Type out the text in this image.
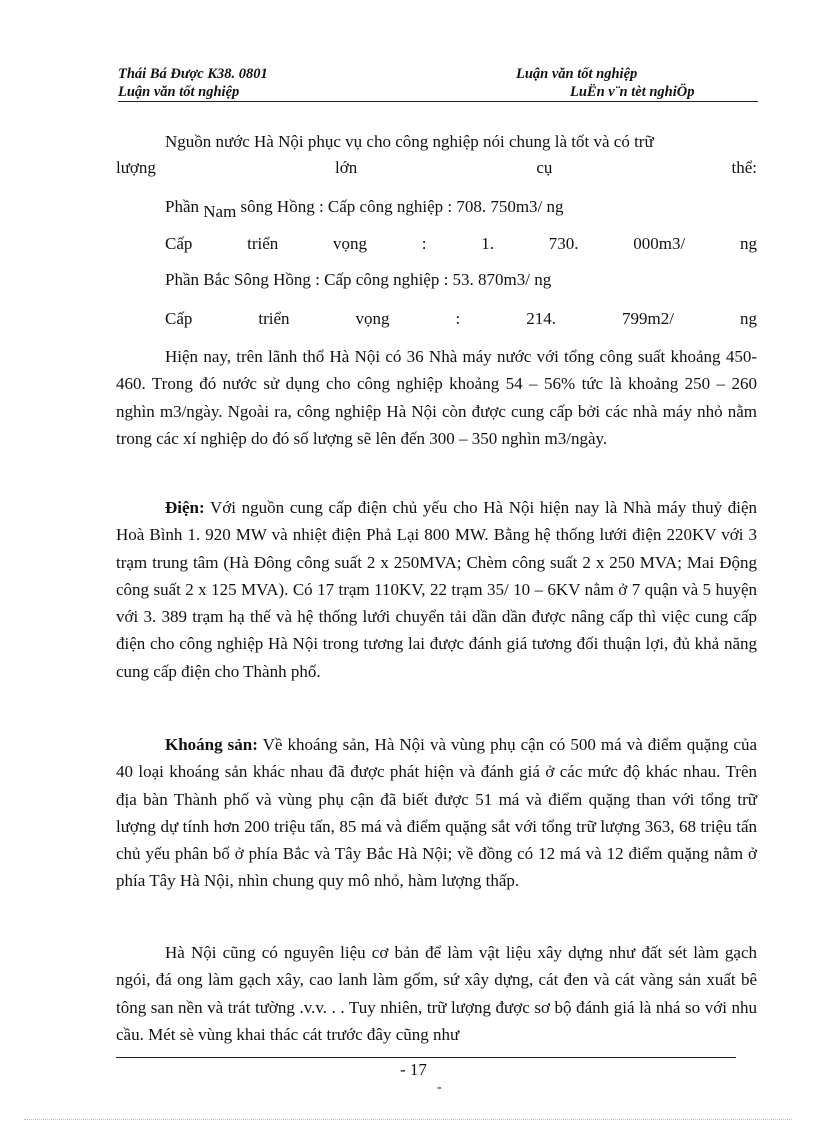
Thái Bá Được K38. 0801	Luận văn tốt nghiệp
Luận văn tốt nghiệp	LuËn v¨n tèt nghiÖp

Nguồn nước Hà Nội phục vụ cho công nghiệp nói chung là tốt và có trữ
lượng	lớn	cụ	thể:
Phần Nam sông Hồng : Cấp công nghiệp : 708. 750m3/ ng
Cấp	triển	vọng	:	1.	730.	000m3/	ng
Phần Bắc Sông Hồng : Cấp công nghiệp : 53. 870m3/ ng
Cấp	triển	vọng	:	214.	799m2/	ng

Hiện nay, trên lãnh thổ Hà Nội có 36 Nhà máy nước với tổng công suất khoảng 450- 460. Trong đó nước sử dụng cho công nghiệp khoảng 54 – 56% tức là khoảng 250 – 260 nghìn m3/ngày. Ngoài ra, công nghiệp Hà Nội còn được cung cấp bởi các nhà máy nhỏ nằm trong các xí nghiệp do đó số lượng sẽ lên đến 300 – 350 nghìn m3/ngày.

Điện: Với nguồn cung cấp điện chủ yếu cho Hà Nội hiện nay là Nhà máy thuỷ điện Hoà Bình 1. 920 MW và nhiệt điện Phả Lại 800 MW. Bằng hệ thống lưới điện 220KV với 3 trạm trung tâm (Hà Đông công suất 2 x 250MVA; Chèm công suất 2 x 250 MVA; Mai Động công suất 2 x 125 MVA). Có 17 trạm 110KV, 22 trạm 35/ 10 – 6KV nằm ở 7 quận và 5 huyện với 3. 389 trạm hạ thế và hệ thống lưới chuyển tải dần dần được nâng cấp thì việc cung cấp điện cho công nghiệp Hà Nội trong tương lai được đánh giá tương đối thuận lợi, đủ khả năng cung cấp điện cho Thành phố.

Khoáng sản: Về khoáng sản, Hà Nội và vùng phụ cận có 500 má và điểm quặng của 40 loại khoáng sản khác nhau đã được phát hiện và đánh giá ở các mức độ khác nhau. Trên địa bàn Thành phố và vùng phụ cận đã biết được 51 má và điểm quặng than với tổng trữ lượng dự tính hơn 200 triệu tấn, 85 má và điểm quặng sắt với tổng trữ lượng 363, 68 triệu tấn chủ yếu phân bố ở phía Bắc và Tây Bắc Hà Nội; về đồng có 12 má và 12 điểm quặng nằm ở phía Tây Hà Nội, nhìn chung quy mô nhỏ, hàm lượng thấp.

Hà Nội cũng có nguyên liệu cơ bản để làm vật liệu xây dựng như đất sét làm gạch ngói, đá ong làm gạch xây, cao lanh làm gốm, sứ xây dựng, cát đen và cát vàng sản xuất bê tông san nền và trát tường .v.v. . . Tuy nhiên, trữ lượng được sơ bộ đánh giá là nhá so với nhu cầu. Mét sè vùng khai thác cát trước đây cũng như

- 17
-
